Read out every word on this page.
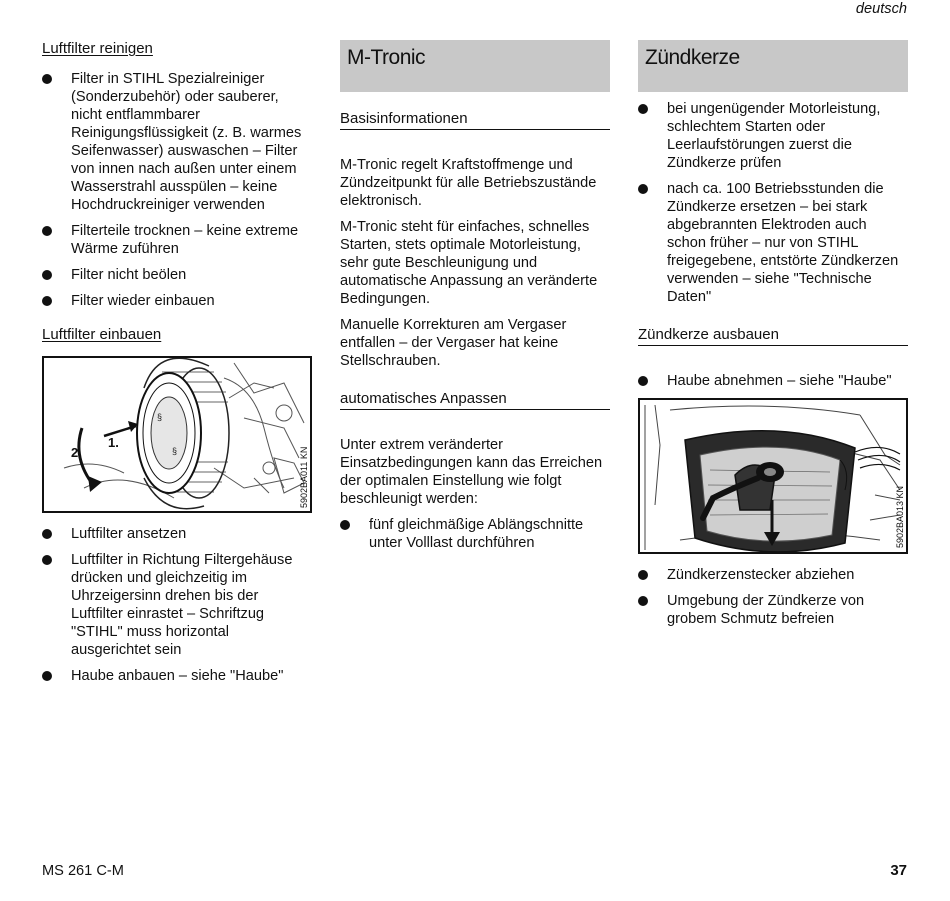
deutsch
Luftfilter reinigen
Filter in STIHL Spezialreiniger (Sonderzubehör) oder sauberer, nicht entflammbarer Reinigungsflüssigkeit (z. B. warmes Seifenwasser) auswaschen – Filter von innen nach außen unter einem Wasserstrahl ausspülen – keine Hochdruckreiniger verwenden
Filterteile trocknen – keine extreme Wärme zuführen
Filter nicht beölen
Filter wieder einbauen
Luftfilter einbauen
§
§
1.
2.	5902BA011 KN
Luftfilter ansetzen
Luftfilter in Richtung Filtergehäuse drücken und gleichzeitig im Uhrzeigersinn drehen bis der Luftfilter einrastet – Schriftzug "STIHL" muss horizontal ausgerichtet sein
Haube anbauen – siehe "Haube"
M-Tronic
Basisinformationen

M-Tronic regelt Kraftstoffmenge und Zündzeitpunkt für alle Betriebszustände elektronisch.

M-Tronic steht für einfaches, schnelles Starten, stets optimale Motorleistung, sehr gute Beschleunigung und automatische Anpassung an veränderte Bedingungen.

Manuelle Korrekturen am Vergaser entfallen – der Vergaser hat keine Stellschrauben.

automatisches Anpassen

Unter extrem veränderter Einsatzbedingungen kann das Erreichen der optimalen Einstellung wie folgt beschleunigt werden:

fünf gleichmäßige Ablängschnitte unter Volllast durchführen
Zündkerze
bei ungenügender Motorleistung, schlechtem Starten oder Leerlaufstörungen zuerst die Zündkerze prüfen
nach ca. 100 Betriebsstunden die Zündkerze ersetzen – bei stark abgebrannten Elektroden auch schon früher – nur von STIHL freigegebene, entstörte Zündkerzen verwenden – siehe "Technische Daten"
Zündkerze ausbauen
Haube abnehmen – siehe "Haube"
5902BA013 KN
Zündkerzenstecker abziehen
Umgebung der Zündkerze von grobem Schmutz befreien
MS 261 C-M	37
